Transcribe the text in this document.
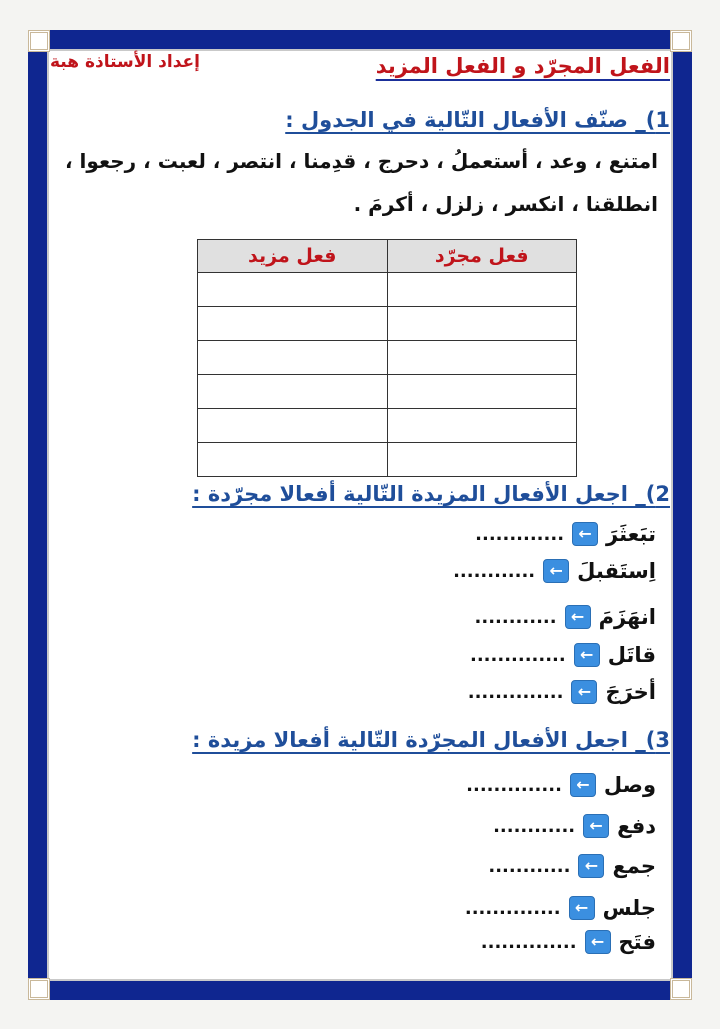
الفعل المجرّد و الفعل المزيد
إعداد الأستاذة هبة
1)_ صنّف الأفعال التّالية في الجدول :
امتنع ، وعد ، أستعملُ ، دحرج ، قدِمنا ، انتصر ، لعبت ، رجعوا ،
انطلقنا ، انكسر ، زلزل ، أكرمَ .
فعل مجرّد	فعل مزيد

2)_ اجعل الأفعال المزيدة التّالية أفعالا مجرّدة :
تبَعثَرَ
←
.............
اِستَقبلَ
←
............
انهَزَمَ
←
............
قاتَل
←
..............
أخرَجَ
←
..............
3)_ اجعل الأفعال المجرّدة التّالية أفعالا مزيدة :
وصل
←
..............
دفع
←
............
جمع
←
............
جلس
←
..............
فتَح
←
..............
